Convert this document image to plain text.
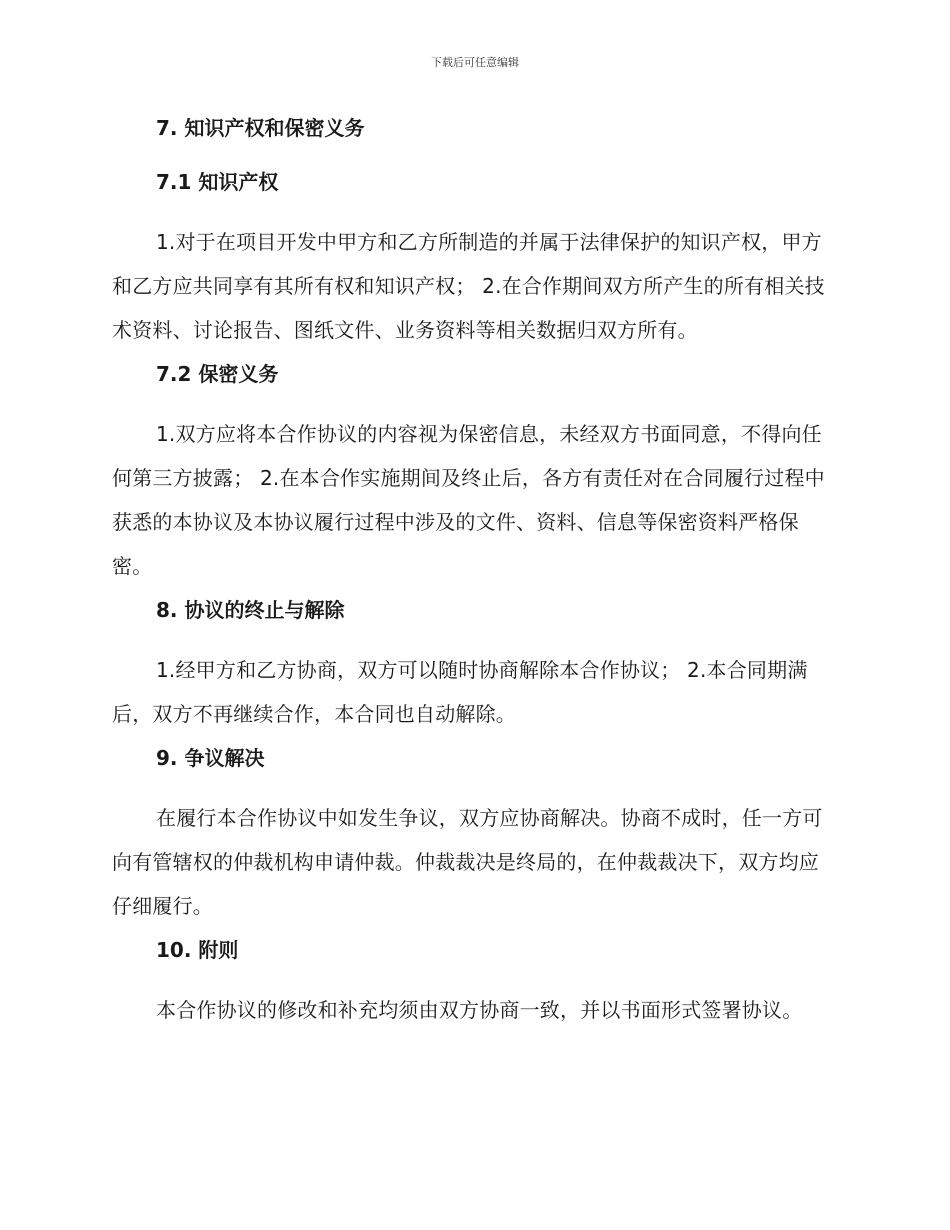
下载后可任意编辑
7. 知识产权和保密义务
7.1 知识产权

1.对于在项目开发中甲方和乙方所制造的并属于法律保护的知识产权，甲方和乙方应共同享有其所有权和知识产权； 2.在合作期间双方所产生的所有相关技术资料、讨论报告、图纸文件、业务资料等相关数据归双方所有。

7.2 保密义务

1.双方应将本合作协议的内容视为保密信息，未经双方书面同意，不得向任何第三方披露； 2.在本合作实施期间及终止后，各方有责任对在合同履行过程中获悉的本协议及本协议履行过程中涉及的文件、资料、信息等保密资料严格保密。

8. 协议的终止与解除

1.经甲方和乙方协商，双方可以随时协商解除本合作协议； 2.本合同期满后，双方不再继续合作，本合同也自动解除。

9. 争议解决

在履行本合作协议中如发生争议，双方应协商解决。协商不成时，任一方可向有管辖权的仲裁机构申请仲裁。仲裁裁决是终局的，在仲裁裁决下，双方均应仔细履行。

10. 附则

本合作协议的修改和补充均须由双方协商一致，并以书面形式签署协议。
